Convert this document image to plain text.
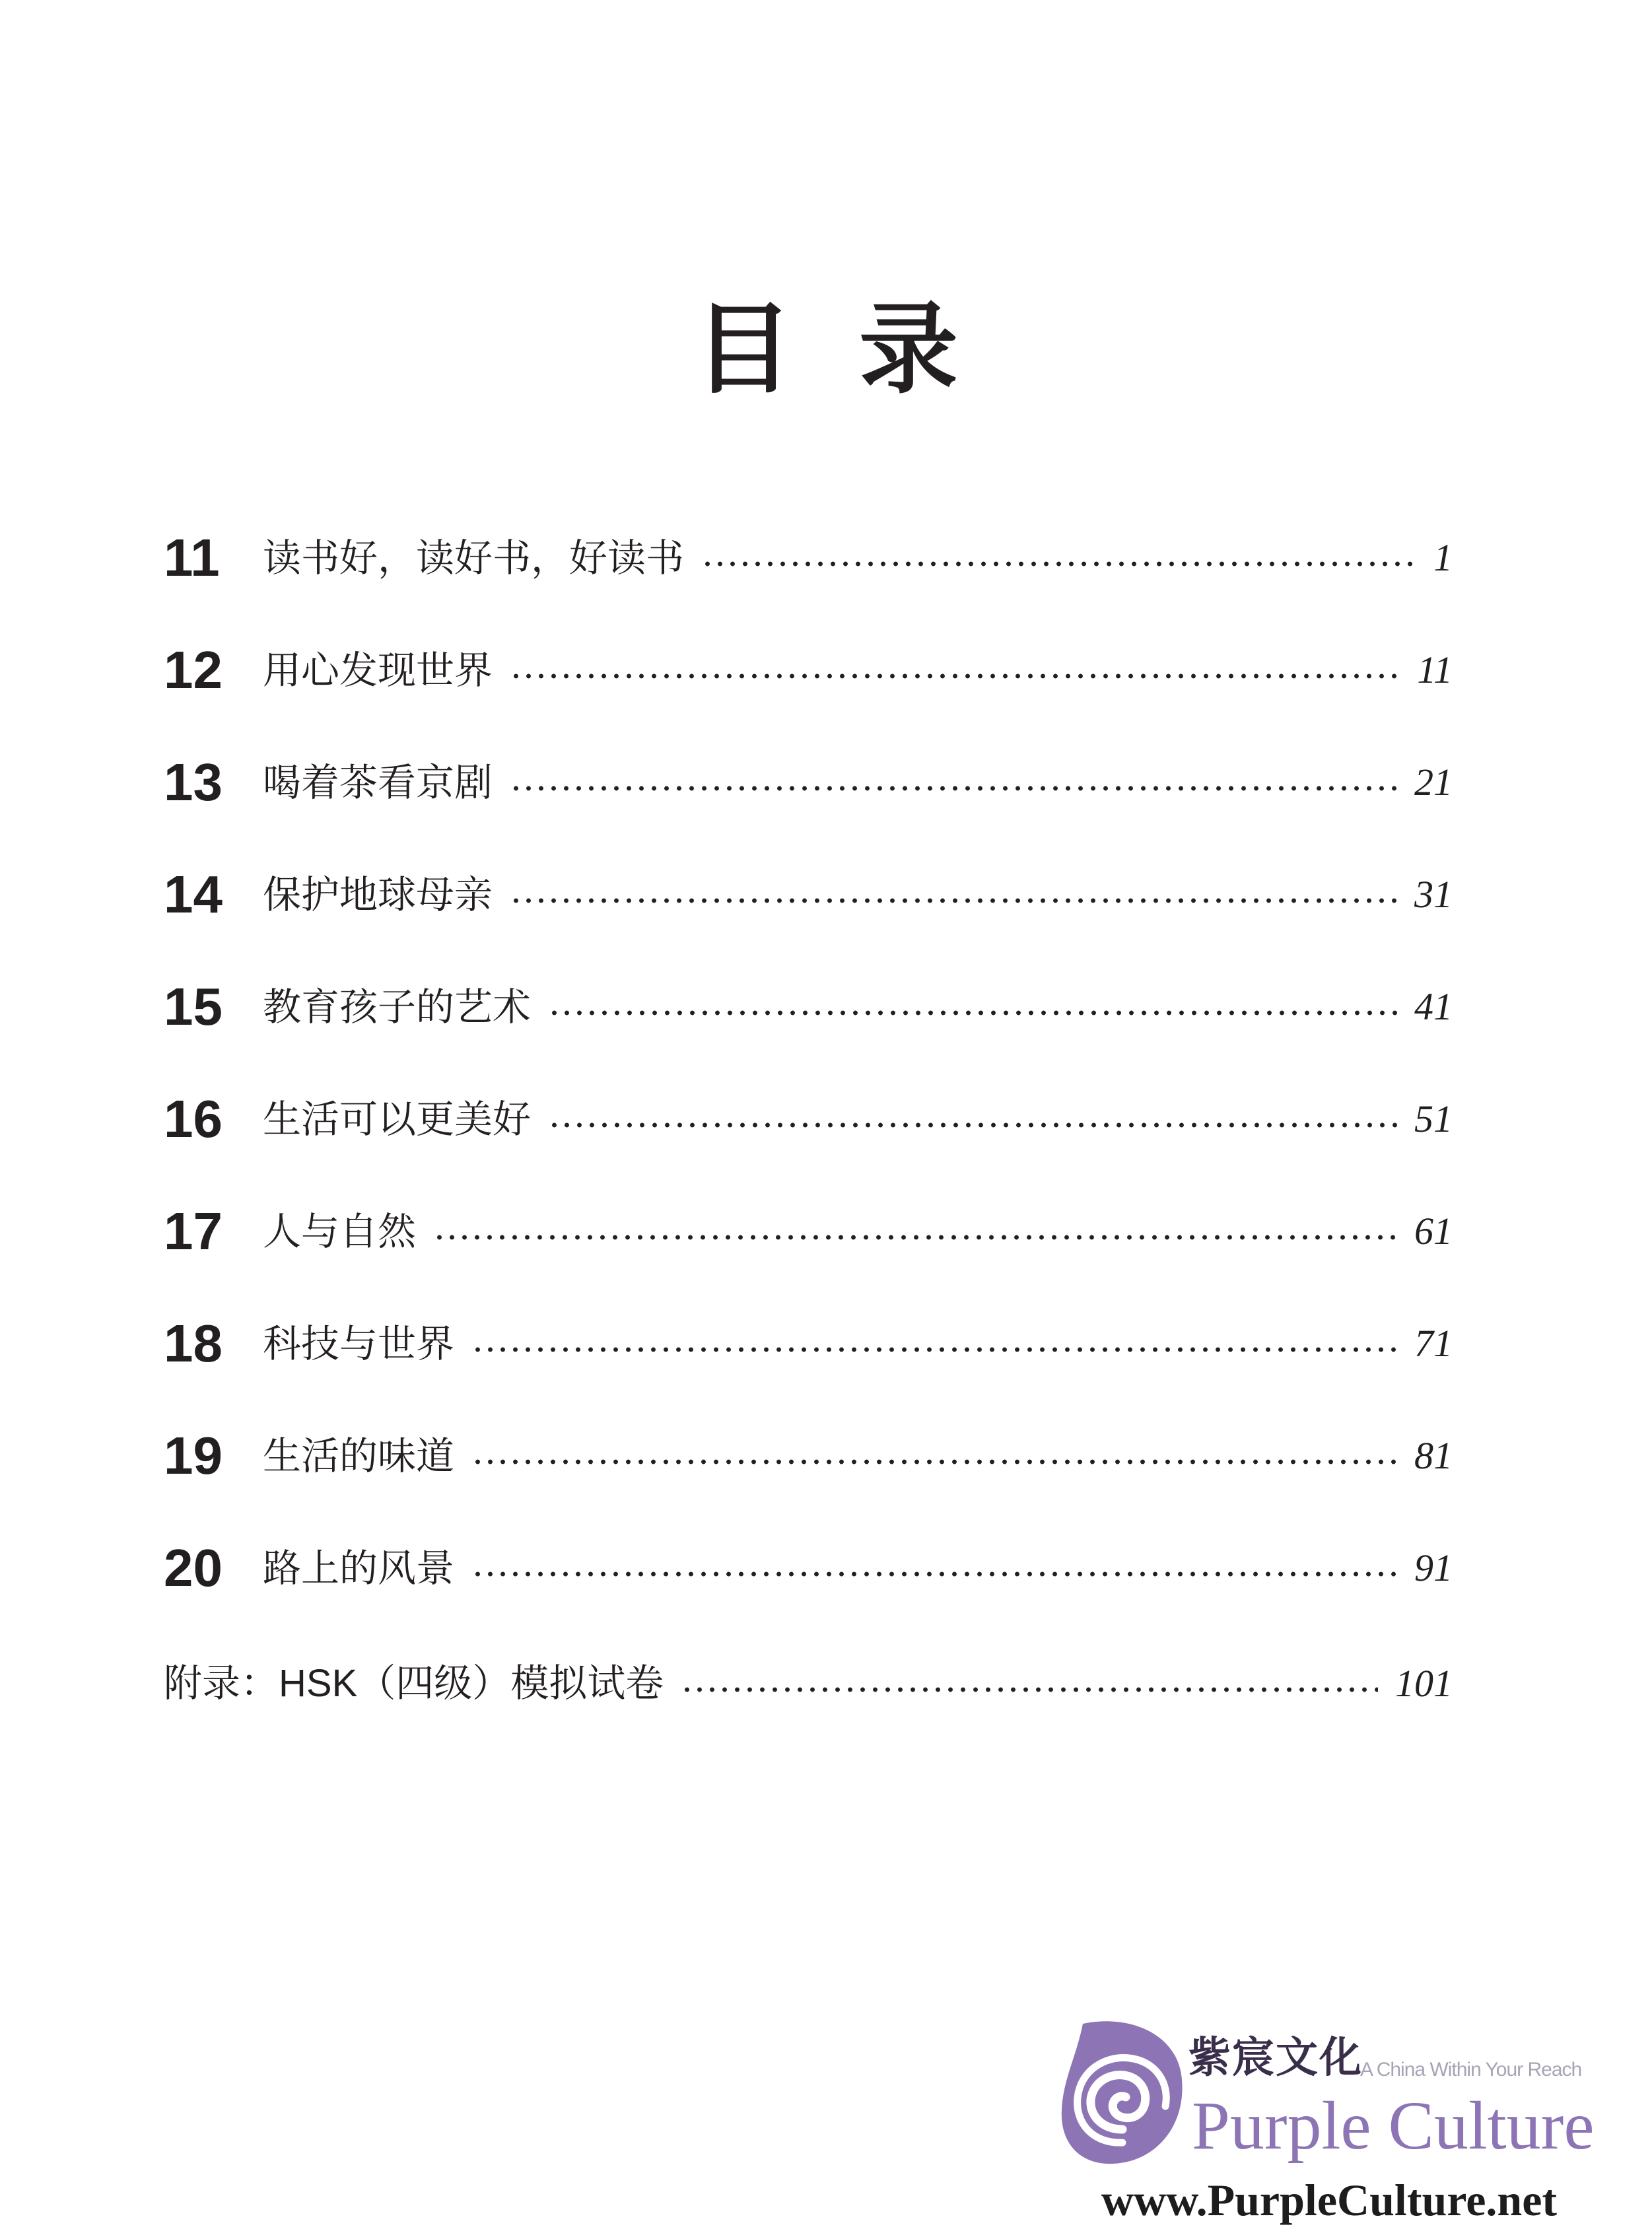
目录
11	读书好，读好书，好读书	1
12	用心发现世界	11
13	喝着茶看京剧	21
14	保护地球母亲	31
15	教育孩子的艺术	41
16	生活可以更美好	51
17	人与自然	61
18	科技与世界	71
19	生活的味道	81
20	路上的风景	91
附录：HSK（四级）模拟试卷	101
紫宸文化
A China Within Your Reach
Purple Culture
www.PurpleCulture.net
